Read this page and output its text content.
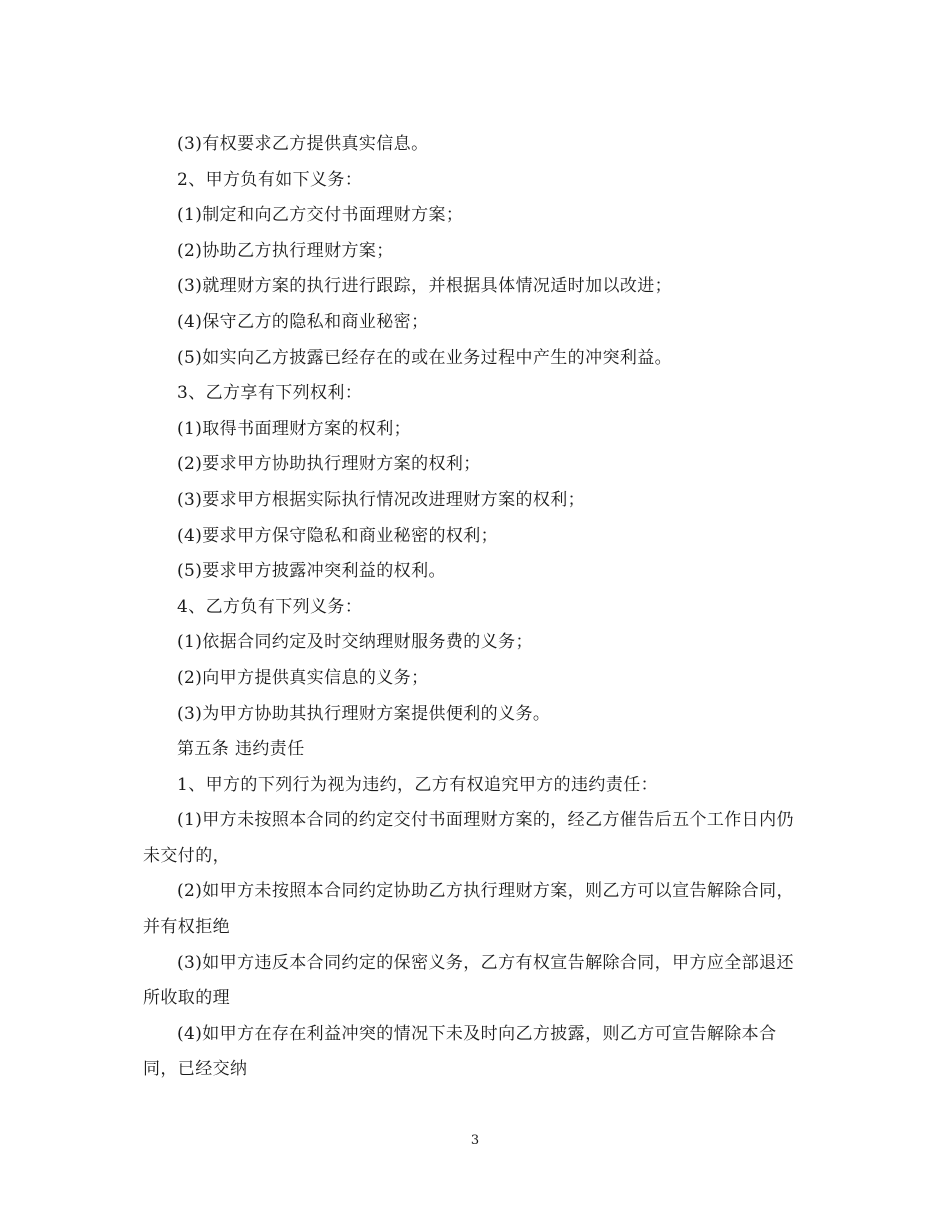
(3)有权要求乙方提供真实信息。

2、甲方负有如下义务：

(1)制定和向乙方交付书面理财方案；

(2)协助乙方执行理财方案；

(3)就理财方案的执行进行跟踪，并根据具体情况适时加以改进；

(4)保守乙方的隐私和商业秘密；

(5)如实向乙方披露已经存在的或在业务过程中产生的冲突利益。

3、乙方享有下列权利：

(1)取得书面理财方案的权利；

(2)要求甲方协助执行理财方案的权利；

(3)要求甲方根据实际执行情况改进理财方案的权利；

(4)要求甲方保守隐私和商业秘密的权利；

(5)要求甲方披露冲突利益的权利。

4、乙方负有下列义务：

(1)依据合同约定及时交纳理财服务费的义务；

(2)向甲方提供真实信息的义务；

(3)为甲方协助其执行理财方案提供便利的义务。

第五条 违约责任

1、甲方的下列行为视为违约，乙方有权追究甲方的违约责任：

(1)甲方未按照本合同的约定交付书面理财方案的，经乙方催告后五个工作日内仍未交付的，

(2)如甲方未按照本合同约定协助乙方执行理财方案，则乙方可以宣告解除合同，并有权拒绝

(3)如甲方违反本合同约定的保密义务，乙方有权宣告解除合同，甲方应全部退还所收取的理

(4)如甲方在存在利益冲突的情况下未及时向乙方披露，则乙方可宣告解除本合同，已经交纳

3
